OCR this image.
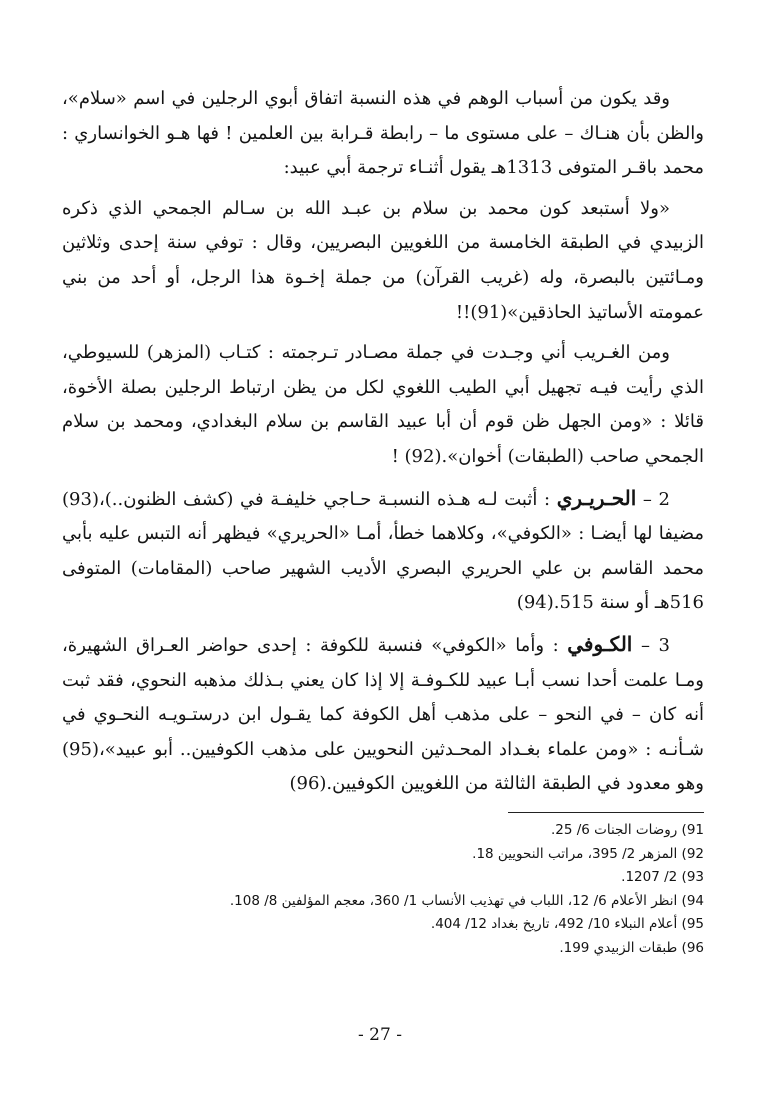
وقد يكون من أسباب الوهم في هذه النسبة اتفاق أبوي الرجلين في اسم «سلام»، والظن بأن هنـاك – على مستوى ما – رابطة قـرابة بين العلمين ! فها هـو الخوانساري : محمد باقـر المتوفى 1313هـ يقول أثنـاء ترجمة أبي عبيد:

«ولا أستبعد كون محمد بن سلام بن عبـد الله بن سـالم الجمحي الذي ذكره الزبيدي في الطبقة الخامسة من اللغويين البصريين، وقال : توفي سنة إحدى وثلاثين ومـائتين بالبصرة، وله (غريب القرآن) من جملة إخـوة هذا الرجل، أو أحد من بني عمومته الأساتيذ الحاذقين»(91)!!

ومن الغـريب أني وجـدت في جملة مصـادر تـرجمته : كتـاب (المزهر) للسيوطي، الذي رأيت فيـه تجهيل أبي الطيب اللغوي لكل من يظن ارتباط الرجلين بصلة الأخوة، قائلا : «ومن الجهل ظن قوم أن أبا عبيد القاسم بن سلام البغدادي، ومحمد بن سلام الجمحي صاحب (الطبقات) أخوان».(92) !

2 – الحـريـري : أثبت لـه هـذه النسبـة حـاجي خليفـة في (كشف الظنون..)،(93) مضيفا لها أيضـا : «الكوفي»، وكلاهما خطأ، أمـا «الحريري» فيظهر أنه التبس عليه بأبي محمد القاسم بن علي الحريري البصري الأديب الشهير صاحب (المقامات) المتوفى 516هـ أو سنة 515.(94)

3 – الكـوفي : وأما «الكوفي» فنسبة للكوفة : إحدى حواضر العـراق الشهيرة، ومـا علمت أحدا نسب أبـا عبيد للكـوفـة إلا إذا كان يعني بـذلك مذهبه النحوي، فقد ثبت أنه كان – في النحو – على مذهب أهل الكوفة كما يقـول ابن درستـويـه النحـوي في شـأنـه : «ومن علماء بغـداد المحـدثين النحويين على مذهب الكوفيين.. أبو عبيد»،(95) وهو معدود في الطبقة الثالثة من اللغويين الكوفيين.(96)

91) روضات الجنات 6/ 25.
92) المزهر 2/ 395، مراتب النحويين 18.
93) 2/ 1207.
94) انظر الأعلام 6/ 12، اللباب في تهذيب الأنساب 1/ 360، معجم المؤلفين 8/ 108.
95) أعلام النبلاء 10/ 492، تاريخ بغداد 12/ 404.
96) طبقات الزبيدي 199.
- 27 -
